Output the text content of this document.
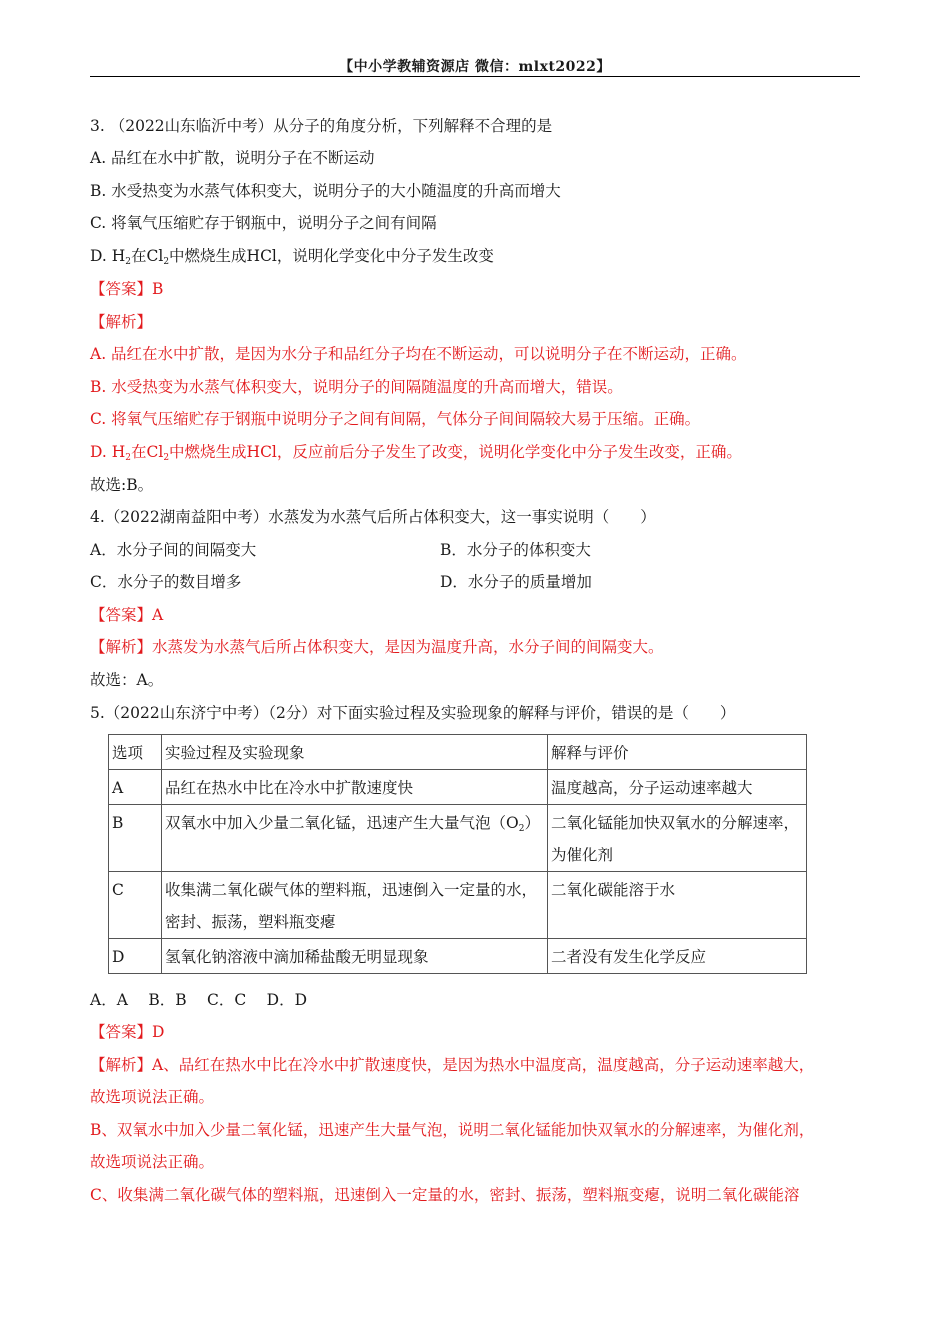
【中小学教辅资源店 微信：mlxt2022】
3. （2022山东临沂中考）从分子的角度分析，下列解释不合理的是
A. 品红在水中扩散，说明分子在不断运动
B. 水受热变为水蒸气体积变大，说明分子的大小随温度的升高而增大
C. 将氧气压缩贮存于钢瓶中，说明分子之间有间隔
D. $H_2$在$Cl_2$中燃烧生成HCl，说明化学变化中分子发生改变
【答案】B
【解析】
A. 品红在水中扩散，是因为水分子和品红分子均在不断运动，可以说明分子在不断运动，正确。
B. 水受热变为水蒸气体积变大，说明分子的间隔随温度的升高而增大，错误。
C. 将氧气压缩贮存于钢瓶中说明分子之间有间隔，气体分子间间隔较大易于压缩。正确。
D. $H_2$在$Cl_2$中燃烧生成HCl，反应前后分子发生了改变，说明化学变化中分子发生改变，正确。
故选:B。
4.（2022湖南益阳中考）水蒸发为水蒸气后所占体积变大，这一事实说明（　　）
A．水分子间的间隔变大	B．水分子的体积变大
C．水分子的数目增多	D．水分子的质量增加
【答案】A
【解析】水蒸发为水蒸气后所占体积变大，是因为温度升高，水分子间的间隔变大。
故选：A。
5.（2022山东济宁中考）（2分）对下面实验过程及实验现象的解释与评价，错误的是（　　）
选项	实验过程及实验现象	解释与评价
A	品红在热水中比在冷水中扩散速度快	温度越高，分子运动速率越大
B	双氧水中加入少量二氧化锰，迅速产生大量气泡$(O_2)$	二氧化锰能加快双氧水的分解速率，为催化剂
C	收集满二氧化碳气体的塑料瓶，迅速倒入一定量的水，密封、振荡，塑料瓶变瘪	二氧化碳能溶于水
D	氢氧化钠溶液中滴加稀盐酸无明显现象	二者没有发生化学反应
A．A　 B．B　 C．C　 D．D
【答案】D
【解析】A、品红在热水中比在冷水中扩散速度快，是因为热水中温度高，温度越高，分子运动速率越大，
故选项说法正确。
B、双氧水中加入少量二氧化锰，迅速产生大量气泡，说明二氧化锰能加快双氧水的分解速率，为催化剂，
故选项说法正确。
C、收集满二氧化碳气体的塑料瓶，迅速倒入一定量的水，密封、振荡，塑料瓶变瘪，说明二氧化碳能溶
